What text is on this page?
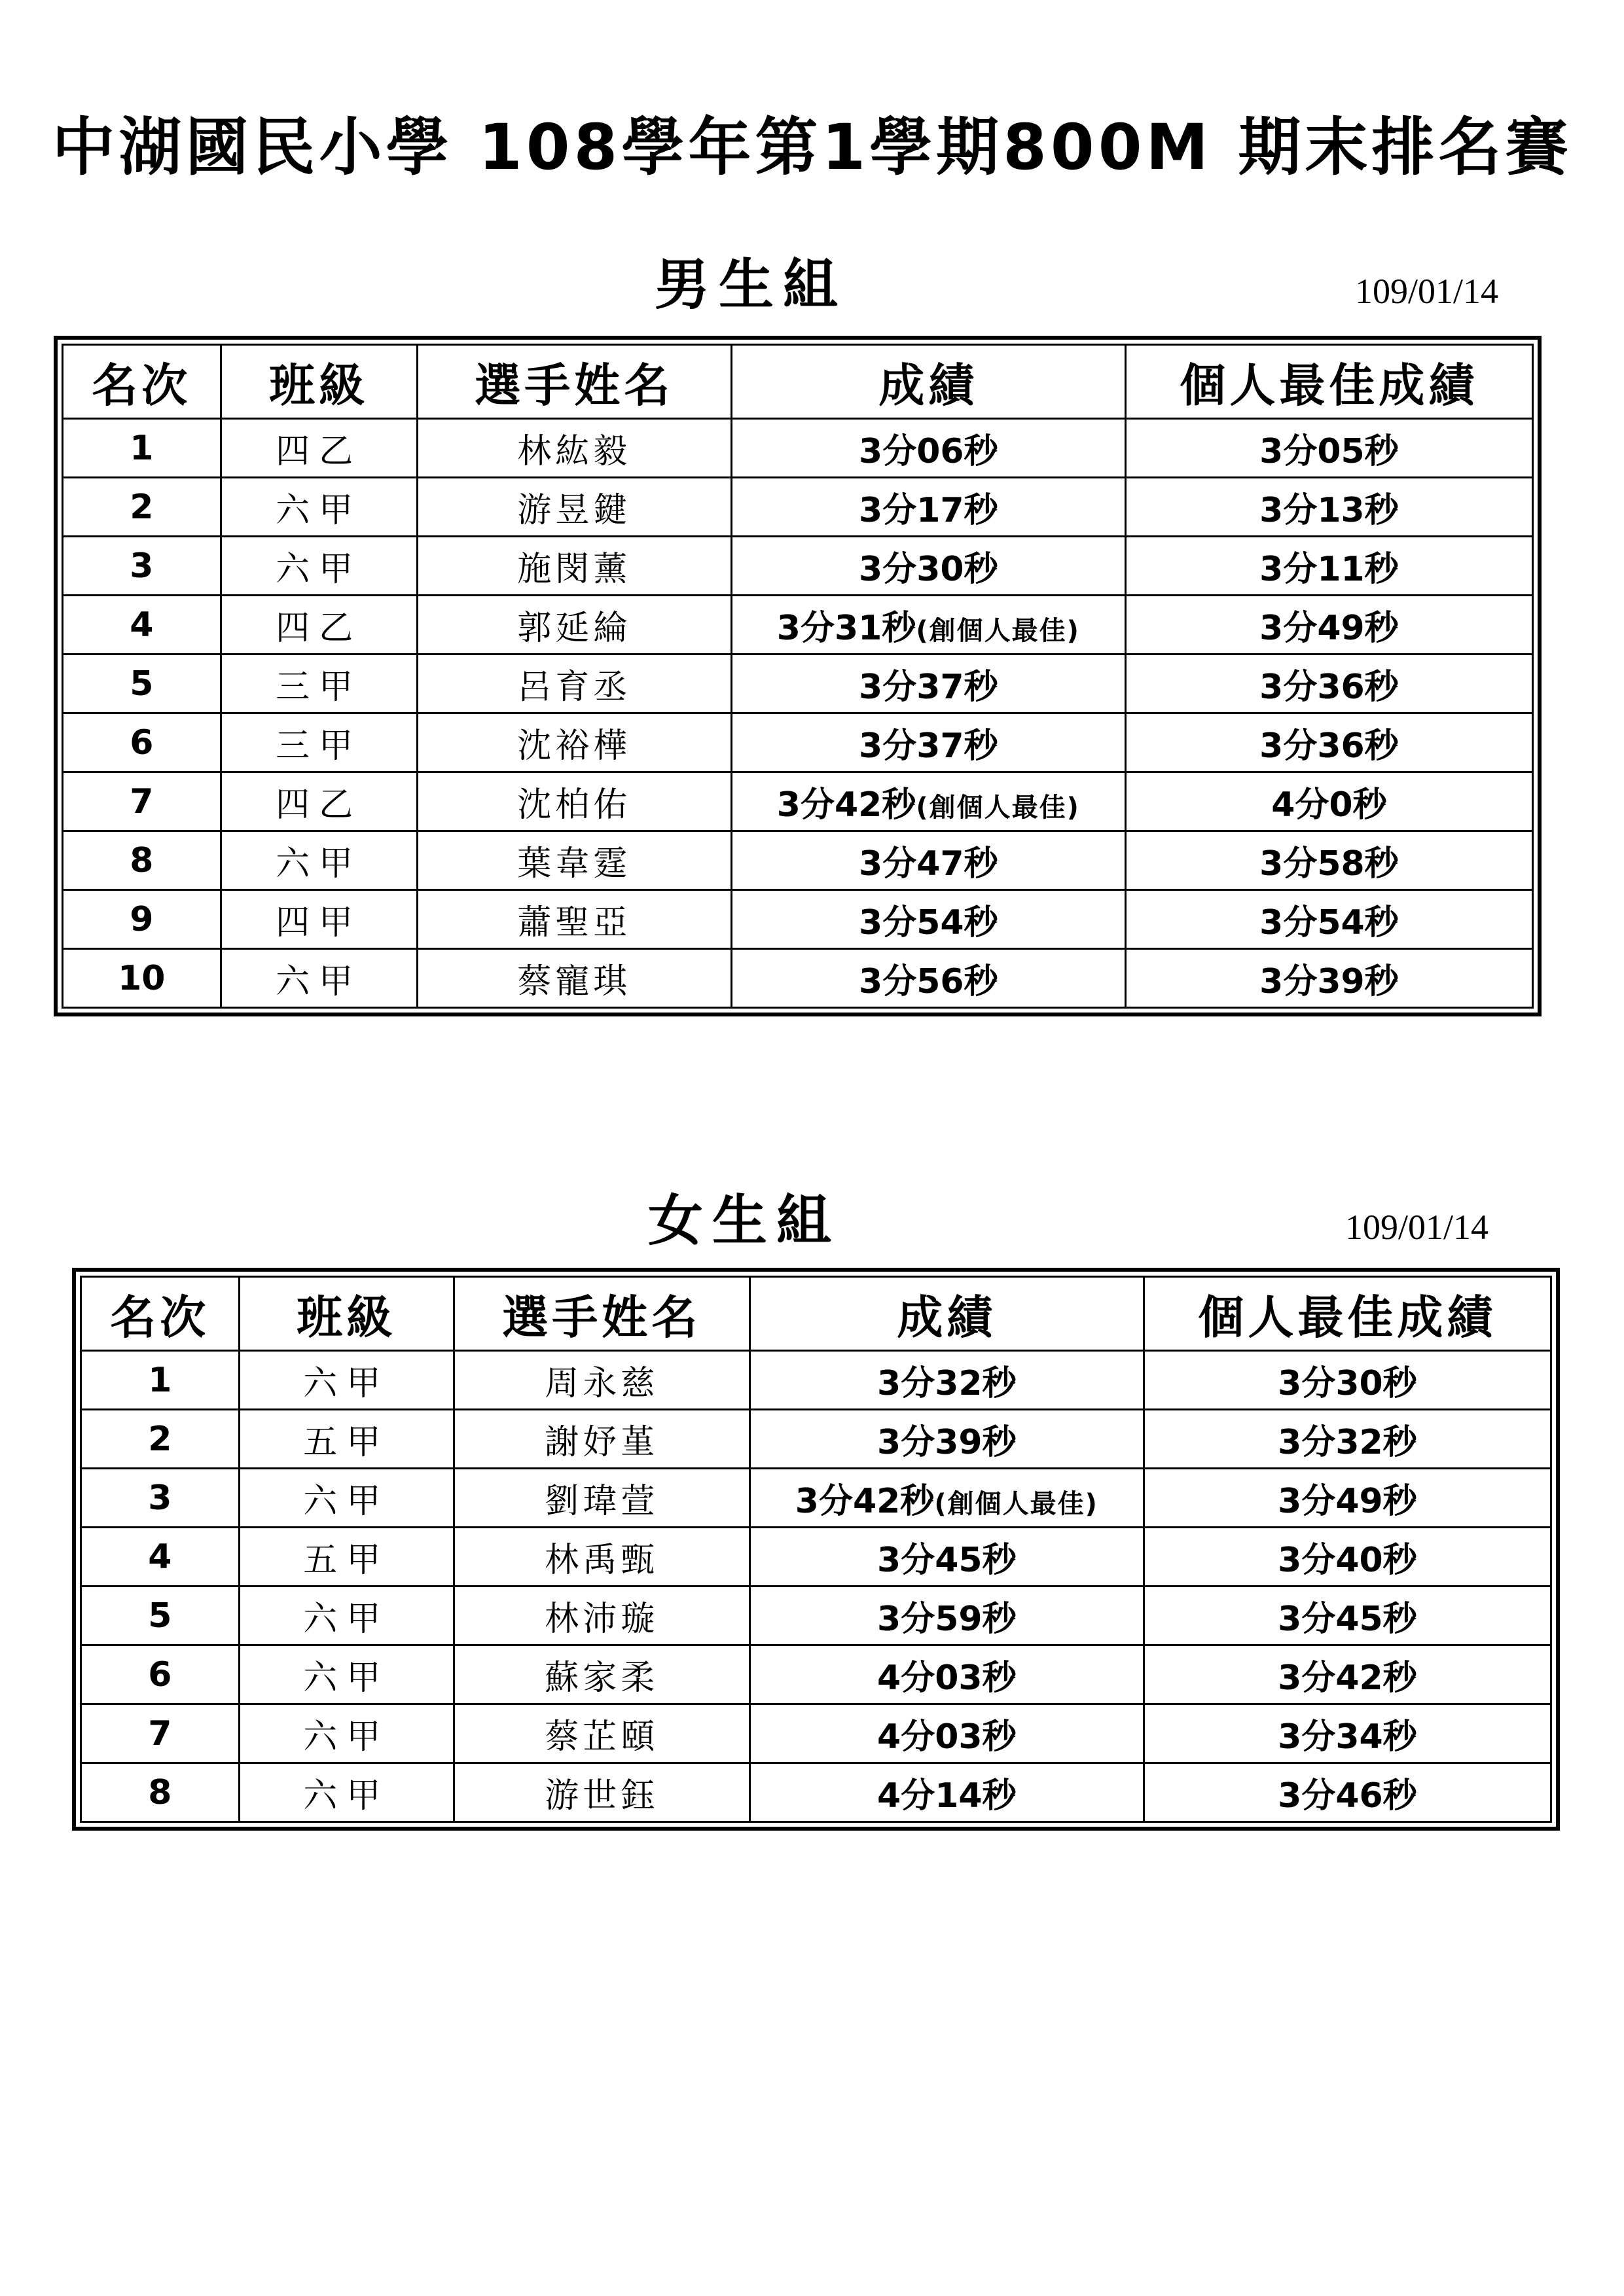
中湖國民小學 108學年第1學期800M 期末排名賽
男生組	109/01/14
名次	班級	選手姓名	成績	個人最佳成績
1	四乙	林紘毅	3分06秒	3分05秒
2	六甲	游昱鍵	3分17秒	3分13秒
3	六甲	施閔薰	3分30秒	3分11秒
4	四乙	郭延綸	3分31秒(創個人最佳)	3分49秒
5	三甲	呂育丞	3分37秒	3分36秒
6	三甲	沈裕樺	3分37秒	3分36秒
7	四乙	沈柏佑	3分42秒(創個人最佳)	4分0秒
8	六甲	葉韋霆	3分47秒	3分58秒
9	四甲	蕭聖亞	3分54秒	3分54秒
10	六甲	蔡寵琪	3分56秒	3分39秒
女生組	109/01/14
名次	班級	選手姓名	成績	個人最佳成績
1	六甲	周永慈	3分32秒	3分30秒
2	五甲	謝妤堇	3分39秒	3分32秒
3	六甲	劉瑋萱	3分42秒(創個人最佳)	3分49秒
4	五甲	林禹甄	3分45秒	3分40秒
5	六甲	林沛璇	3分59秒	3分45秒
6	六甲	蘇家柔	4分03秒	3分42秒
7	六甲	蔡芷頤	4分03秒	3分34秒
8	六甲	游世鈺	4分14秒	3分46秒
